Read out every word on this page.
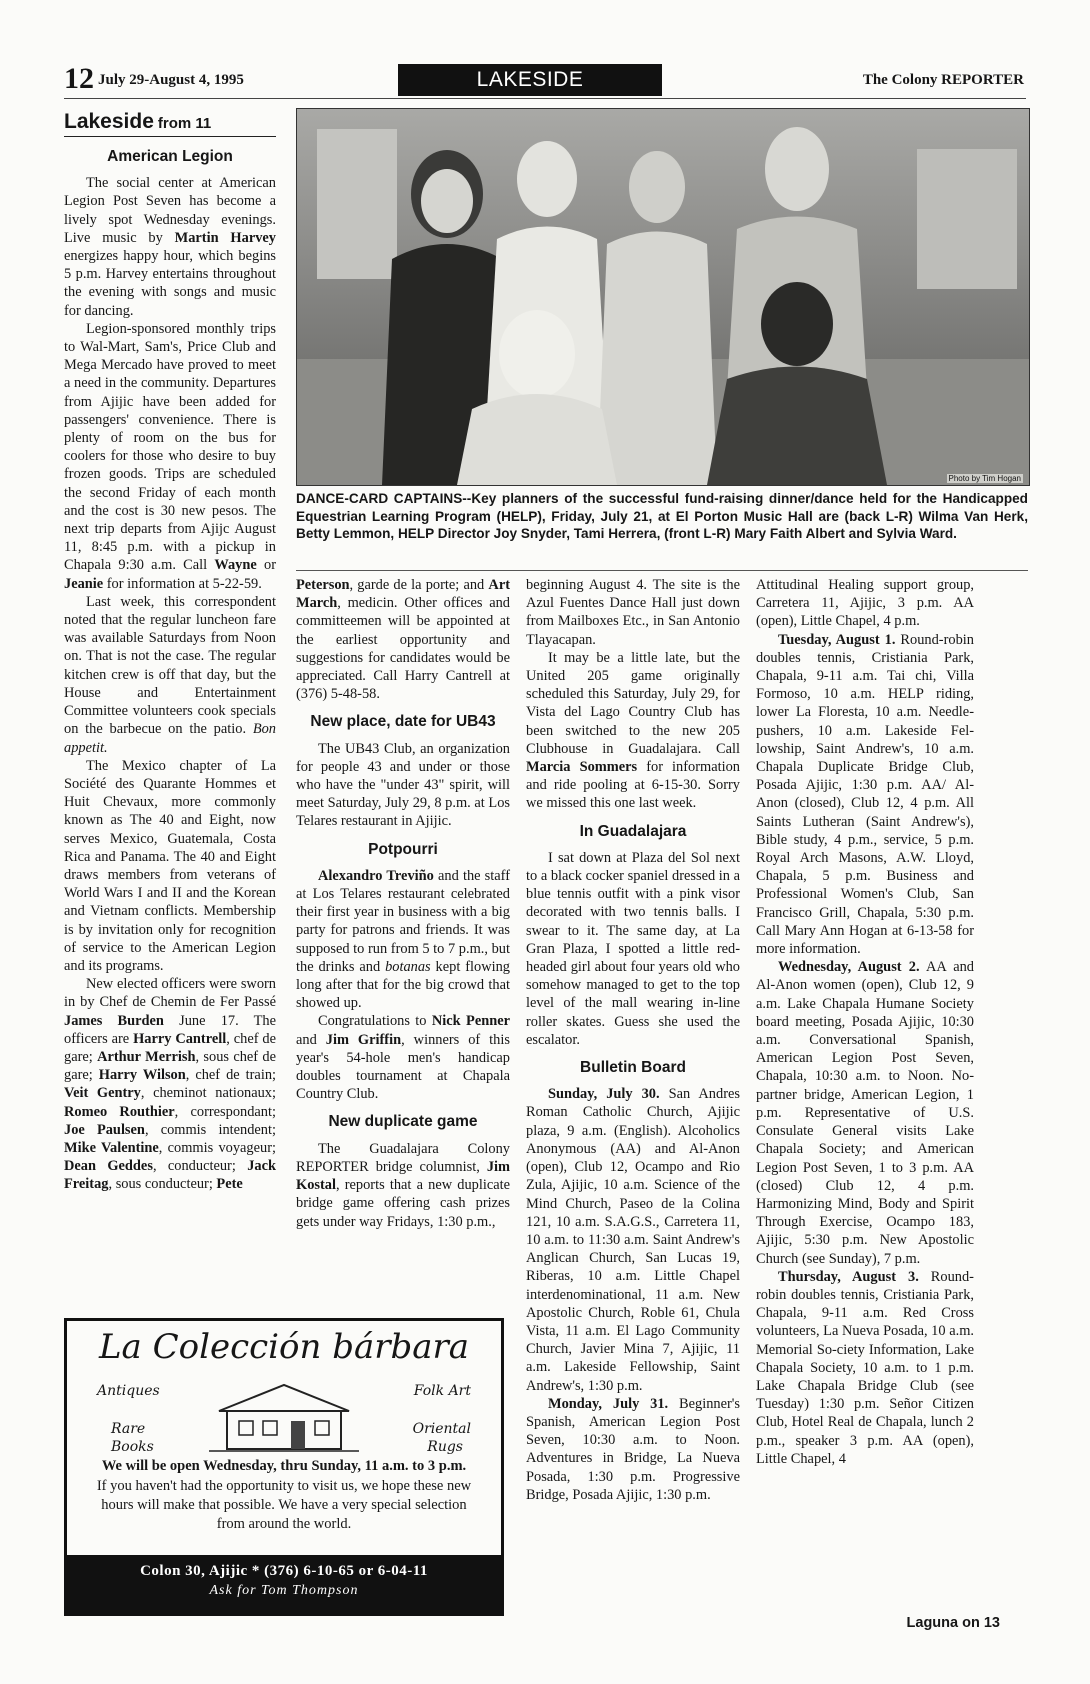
12 July 29-August 4, 1995	LAKESIDE	The Colony REPORTER
Lakeside from 11
American Legion

The social center at American Legion Post Seven has become a lively spot Wednesday evenings. Live music by Martin Harvey energizes happy hour, which begins 5 p.m. Harvey entertains throughout the evening with songs and music for dancing.

Legion-sponsored monthly trips to Wal-Mart, Sam's, Price Club and Mega Mercado have proved to meet a need in the community. Departures from Ajijic have been added for passengers' convenience. There is plenty of room on the bus for coolers for those who desire to buy frozen goods. Trips are scheduled the second Friday of each month and the cost is 30 new pesos. The next trip departs from Ajijc August 11, 8:45 p.m. with a pickup in Chapala 9:30 a.m. Call Wayne or Jeanie for information at 5-22-59.

Last week, this correspondent noted that the regular luncheon fare was available Saturdays from Noon on. That is not the case. The regular kitchen crew is off that day, but the House and Entertainment Committee volunteers cook specials on the barbecue on the patio. Bon appetit.

The Mexico chapter of La Société des Quarante Hommes et Huit Chevaux, more commonly known as The 40 and Eight, now serves Mexico, Guatemala, Costa Rica and Panama. The 40 and Eight draws members from veterans of World Wars I and II and the Korean and Vietnam conflicts. Membership is by invitation only for recognition of service to the American Legion and its programs.

New elected officers were sworn in by Chef de Chemin de Fer Passé James Burden June 17. The officers are Harry Cantrell, chef de gare; Arthur Merrish, sous chef de gare; Harry Wilson, chef de train; Veit Gentry, cheminot nationaux; Romeo Routhier, correspondant; Joe Paulsen, commis intendent; Mike Valentine, commis voyageur; Dean Geddes, conducteur; Jack Freitag, sous conducteur; Pete

Photo by Tim Hogan
DANCE-CARD CAPTAINS--Key planners of the successful fund-raising dinner/dance held for the Handicapped Equestrian Learning Program (HELP), Friday, July 21, at El Porton Music Hall are (back L-R) Wilma Van Herk, Betty Lemmon, HELP Director Joy Snyder, Tami Herrera, (front L-R) Mary Faith Albert and Sylvia Ward.

Peterson, garde de la porte; and Art March, medicin. Other offices and committeemen will be appointed at the earliest opportunity and suggestions for candidates would be appreciated. Call Harry Cantrell at (376) 5-48-58.

New place, date for UB43

The UB43 Club, an organization for people 43 and under or those who have the "under 43" spirit, will meet Saturday, July 29, 8 p.m. at Los Telares restaurant in Ajijic.

Potpourri

Alexandro Treviño and the staff at Los Telares restaurant celebrated their first year in business with a big party for patrons and friends. It was supposed to run from 5 to 7 p.m., but the drinks and botanas kept flowing long after that for the big crowd that showed up.

Congratulations to Nick Penner and Jim Griffin, winners of this year's 54-hole men's handicap doubles tournament at Chapala Country Club.

New duplicate game

The Guadalajara Colony REPORTER bridge columnist, Jim Kostal, reports that a new duplicate bridge game offering cash prizes gets under way Fridays, 1:30 p.m.,

beginning August 4. The site is the Azul Fuentes Dance Hall just down from Mailboxes Etc., in San Antonio Tlayacapan.

It may be a little late, but the United 205 game originally scheduled this Saturday, July 29, for Vista del Lago Country Club has been switched to the new 205 Clubhouse in Guadalajara. Call Marcia Sommers for information and ride pooling at 6-15-30. Sorry we missed this one last week.

In Guadalajara

I sat down at Plaza del Sol next to a black cocker spaniel dressed in a blue tennis outfit with a pink visor decorated with two tennis balls. I swear to it. The same day, at La Gran Plaza, I spotted a little red-headed girl about four years old who somehow managed to get to the top level of the mall wearing in-line roller skates. Guess she used the escalator.

Bulletin Board

Sunday, July 30. San Andres Roman Catholic Church, Ajijic plaza, 9 a.m. (English). Alcoholics Anonymous (AA) and Al-Anon (open), Club 12, Ocampo and Rio Zula, Ajijic, 10 a.m. Science of the Mind Church, Paseo de la Colina 121, 10 a.m. S.A.G.S., Carretera 11, 10 a.m. to 11:30 a.m. Saint Andrew's Anglican Church, San Lucas 19, Riberas, 10 a.m. Little Chapel interdenominational, 11 a.m. New Apostolic Church, Roble 61, Chula Vista, 11 a.m. El Lago Community Church, Javier Mina 7, Ajijic, 11 a.m. Lakeside Fellowship, Saint Andrew's, 1:30 p.m.

Monday, July 31. Beginner's Spanish, American Legion Post Seven, 10:30 a.m. to Noon. Adventures in Bridge, La Nueva Posada, 1:30 p.m. Progressive Bridge, Posada Ajijic, 1:30 p.m.

Attitudinal Healing support group, Carretera 11, Ajijic, 3 p.m. AA (open), Little Chapel, 4 p.m.

Tuesday, August 1. Round-robin doubles tennis, Cristiania Park, Chapala, 9-11 a.m. Tai chi, Villa Formoso, 10 a.m. HELP riding, lower La Floresta, 10 a.m. Needle-pushers, 10 a.m. Lakeside Fel-lowship, Saint Andrew's, 10 a.m. Chapala Duplicate Bridge Club, Posada Ajijic, 1:30 p.m. AA/ Al-Anon (closed), Club 12, 4 p.m. All Saints Lutheran (Saint Andrew's), Bible study, 4 p.m., service, 5 p.m. Royal Arch Masons, A.W. Lloyd, Chapala, 5 p.m. Business and Professional Women's Club, San Francisco Grill, Chapala, 5:30 p.m. Call Mary Ann Hogan at 6-13-58 for more information.

Wednesday, August 2. AA and Al-Anon women (open), Club 12, 9 a.m. Lake Chapala Humane Society board meeting, Posada Ajijic, 10:30 a.m. Conversational Spanish, American Legion Post Seven, Chapala, 10:30 a.m. to Noon. No-partner bridge, American Legion, 1 p.m. Representative of U.S. Consulate General visits Lake Chapala Society; and American Legion Post Seven, 1 to 3 p.m. AA (closed) Club 12, 4 p.m. Harmonizing Mind, Body and Spirit Through Exercise, Ocampo 183, Ajijic, 5:30 p.m. New Apostolic Church (see Sunday), 7 p.m.

Thursday, August 3. Round-robin doubles tennis, Cristiania Park, Chapala, 9-11 a.m. Red Cross volunteers, La Nueva Posada, 10 a.m. Memorial So-ciety Information, Lake Chapala Society, 10 a.m. to 1 p.m. Lake Chapala Bridge Club (see Tuesday) 1:30 p.m. Señor Citizen Club, Hotel Real de Chapala, lunch 2 p.m., speaker 3 p.m. AA (open), Little Chapel, 4

Laguna on 13
La Colección bárbara
Antiques
Rare
Books
Folk Art
Oriental
Rugs
We will be open Wednesday, thru Sunday, 11 a.m. to 3 p.m.
If you haven't had the opportunity to visit us, we hope these new hours will make that possible. We have a very special selection from around the world.
Colon 30, Ajijic * (376) 6-10-65 or 6-04-11
Ask for Tom Thompson
